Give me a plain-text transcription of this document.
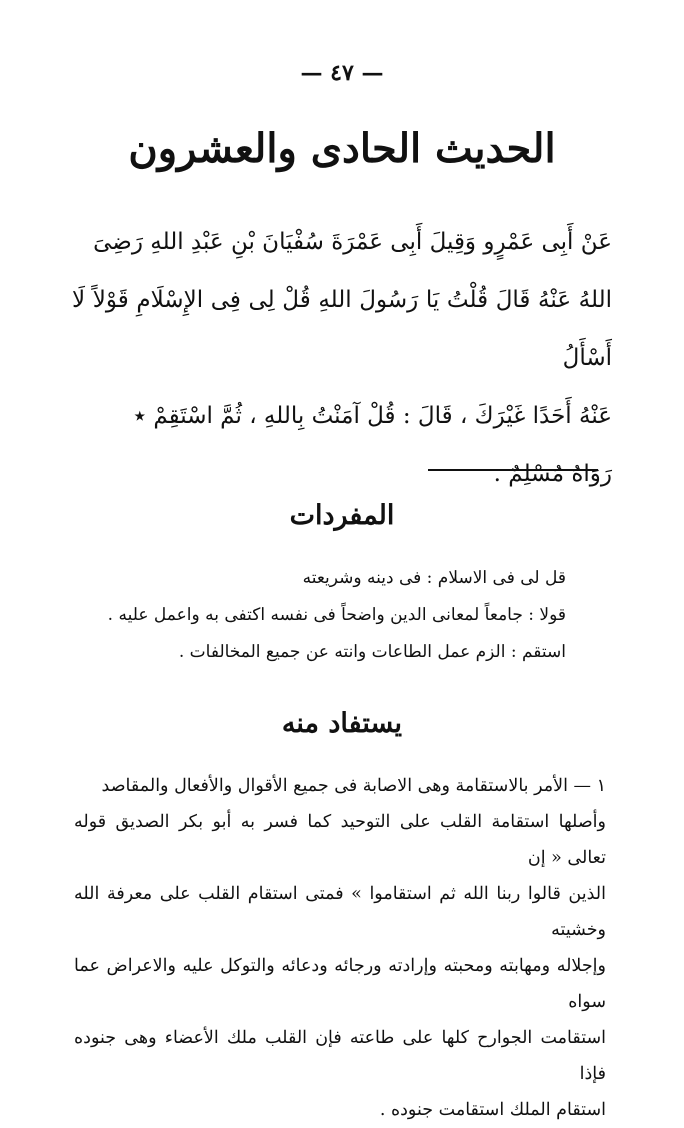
— ٤٧ —
الحديث الحادى والعشرون

عَنْ أَبِى عَمْرٍو وَقِيلَ أَبِى عَمْرَةَ سُفْيَانَ بْنِ عَبْدِ اللهِ رَضِىَ
اللهُ عَنْهُ قَالَ قُلْتُ يَا رَسُولَ اللهِ قُلْ لِى فِى الإِسْلَامِ قَوْلاً لَا أَسْأَلُ
عَنْهُ أَحَدًا غَيْرَكَ ، قَالَ : قُلْ آمَنْتُ بِاللهِ ، ثُمَّ اسْتَقِمْ ٭
رَوَاهُ مُسْلِمٌ .

المفردات
قل لى فى الاسلام : فى دينه وشريعته
قولا : جامعاً لمعانى الدين واضحاً فى نفسه اكتفى به واعمل عليه .
استقم : الزم عمل الطاعات وانته عن جميع المخالفات .
يستفاد منه

١ — الأمر بالاستقامة وهى الاصابة فى جميع الأقوال والأفعال والمقاصد
وأصلها استقامة القلب على التوحيد كما فسر به أبو بكر الصديق قوله تعالى « إن
الذين قالوا ربنا الله ثم استقاموا » فمتى استقام القلب على معرفة الله وخشيته
وإجلاله ومهابته ومحبته وإرادته ورجائه ودعائه والتوكل عليه والاعراض عما سواه
استقامت الجوارح كلها على طاعته فإن القلب ملك الأعضاء وهى جنوده فإذا
استقام الملك استقامت جنوده .
